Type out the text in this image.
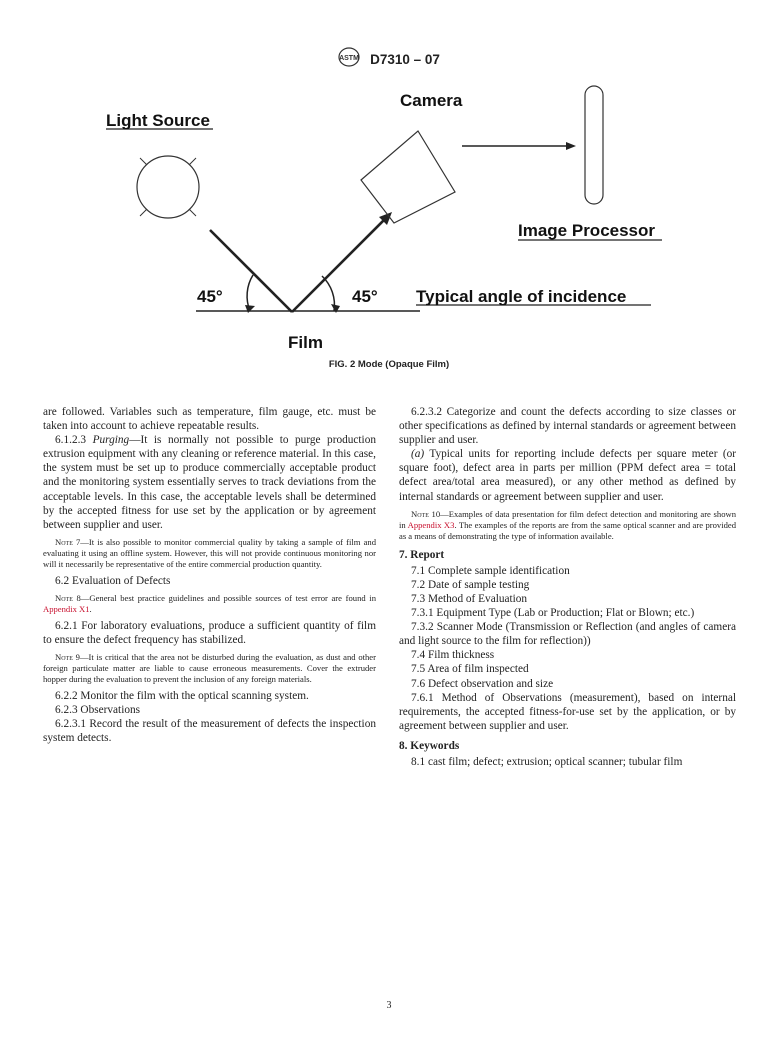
ASTM D7310 – 07
Camera
Light Source
Image Processor
45°	45° Typical angle of incidence
Film
FIG. 2 Mode (Opaque Film)

are followed. Variables such as temperature, film gauge, etc. must be taken into account to achieve repeatable results.

6.1.2.3 Purging—It is normally not possible to purge production extrusion equipment with any cleaning or reference material. In this case, the system must be set up to produce commercially acceptable product and the monitoring system essentially serves to track deviations from the acceptable levels. In this case, the acceptable levels shall be determined by the accepted fitness for use set by the application or by agreement between supplier and user.

Note 7—It is also possible to monitor commercial quality by taking a sample of film and evaluating it using an offline system. However, this will not provide continuous monitoring nor will it necessarily be representative of the entire commercial production quantity.

6.2 Evaluation of Defects

Note 8—General best practice guidelines and possible sources of test error are found in Appendix X1.

6.2.1 For laboratory evaluations, produce a sufficient quantity of film to ensure the defect frequency has stabilized.

Note 9—It is critical that the area not be disturbed during the evaluation, as dust and other foreign particulate matter are liable to cause erroneous measurements. Cover the extruder hopper during the evaluation to prevent the inclusion of any foreign materials.

6.2.2 Monitor the film with the optical scanning system.

6.2.3 Observations

6.2.3.1 Record the result of the measurement of defects the inspection system detects.

6.2.3.2 Categorize and count the defects according to size classes or other specifications as defined by internal standards or agreement between supplier and user.

(a) Typical units for reporting include defects per square meter (or square foot), defect area in parts per million (PPM defect area = total defect area/total area measured), or any other method as defined by internal standards or agreement between supplier and user.

Note 10—Examples of data presentation for film defect detection and monitoring are shown in Appendix X3. The examples of the reports are from the same optical scanner and are provided as a means of demonstrating the type of information available.

7. Report

7.1 Complete sample identification

7.2 Date of sample testing

7.3 Method of Evaluation

7.3.1 Equipment Type (Lab or Production; Flat or Blown; etc.)

7.3.2 Scanner Mode (Transmission or Reflection (and angles of camera and light source to the film for reflection))

7.4 Film thickness

7.5 Area of film inspected

7.6 Defect observation and size

7.6.1 Method of Observations (measurement), based on internal requirements, the accepted fitness-for-use set by the application, or by agreement between supplier and user.

8. Keywords

8.1 cast film; defect; extrusion; optical scanner; tubular film

3
